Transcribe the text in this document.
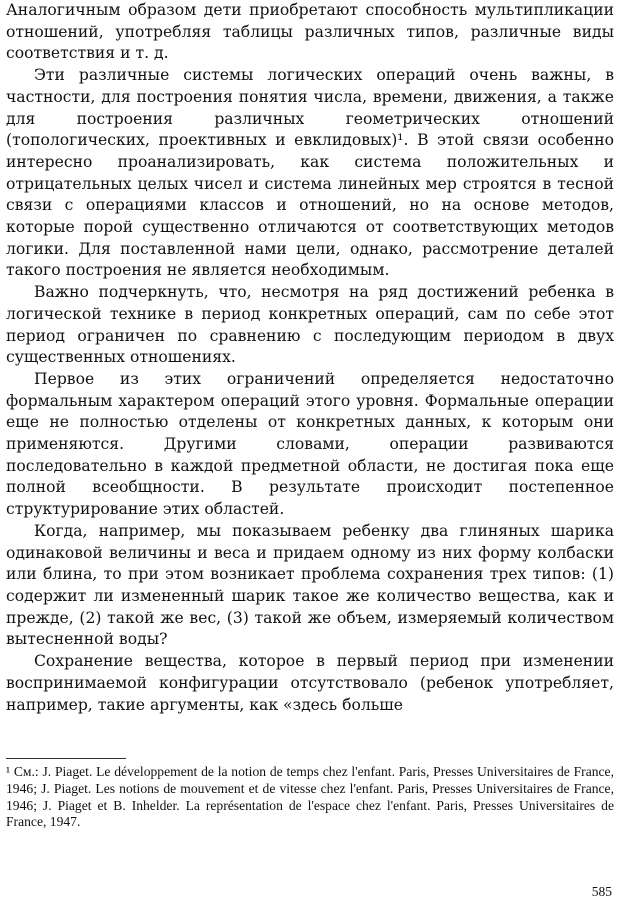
Аналогичным образом дети приобретают способность мультипликации отношений, употребляя таблицы различных типов, различные виды соответствия и т. д.

Эти различные системы логических операций очень важны, в частности, для построения понятия числа, времени, движения, а также для построения различных геометрических отношений (топологических, проективных и евклидовых)¹. В этой связи особенно интересно проанализировать, как система положительных и отрицательных целых чисел и система линейных мер строятся в тесной связи с операциями классов и отношений, но на основе методов, которые порой существенно отличаются от соответствующих методов логики. Для поставленной нами цели, однако, рассмотрение деталей такого построения не является необходимым.

Важно подчеркнуть, что, несмотря на ряд достижений ребенка в логической технике в период конкретных операций, сам по себе этот период ограничен по сравнению с последующим периодом в двух существенных отношениях.

Первое из этих ограничений определяется недостаточно формальным характером операций этого уровня. Формальные операции еще не полностью отделены от конкретных данных, к которым они применяются. Другими словами, операции развиваются последовательно в каждой предметной области, не достигая пока еще полной всеобщности. В результате происходит постепенное структурирование этих областей.

Когда, например, мы показываем ребенку два глиняных шарика одинаковой величины и веса и придаем одному из них форму колбаски или блина, то при этом возникает проблема сохранения трех типов: (1) содержит ли измененный шарик такое же количество вещества, как и прежде, (2) такой же вес, (3) такой же объем, измеряемый количеством вытесненной воды?

Сохранение вещества, которое в первый период при изменении воспринимаемой конфигурации отсутствовало (ребенок употребляет, например, такие аргументы, как «здесь больше

¹ См.: J. Piaget. Le développement de la notion de temps chez l'enfant. Paris, Presses Universitaires de France, 1946; J. Piaget. Les notions de mouvement et de vitesse chez l'enfant. Paris, Presses Universitaires de France, 1946; J. Piaget et B. Inhelder. La représentation de l'espace chez l'enfant. Paris, Presses Universitaires de France, 1947.

585
